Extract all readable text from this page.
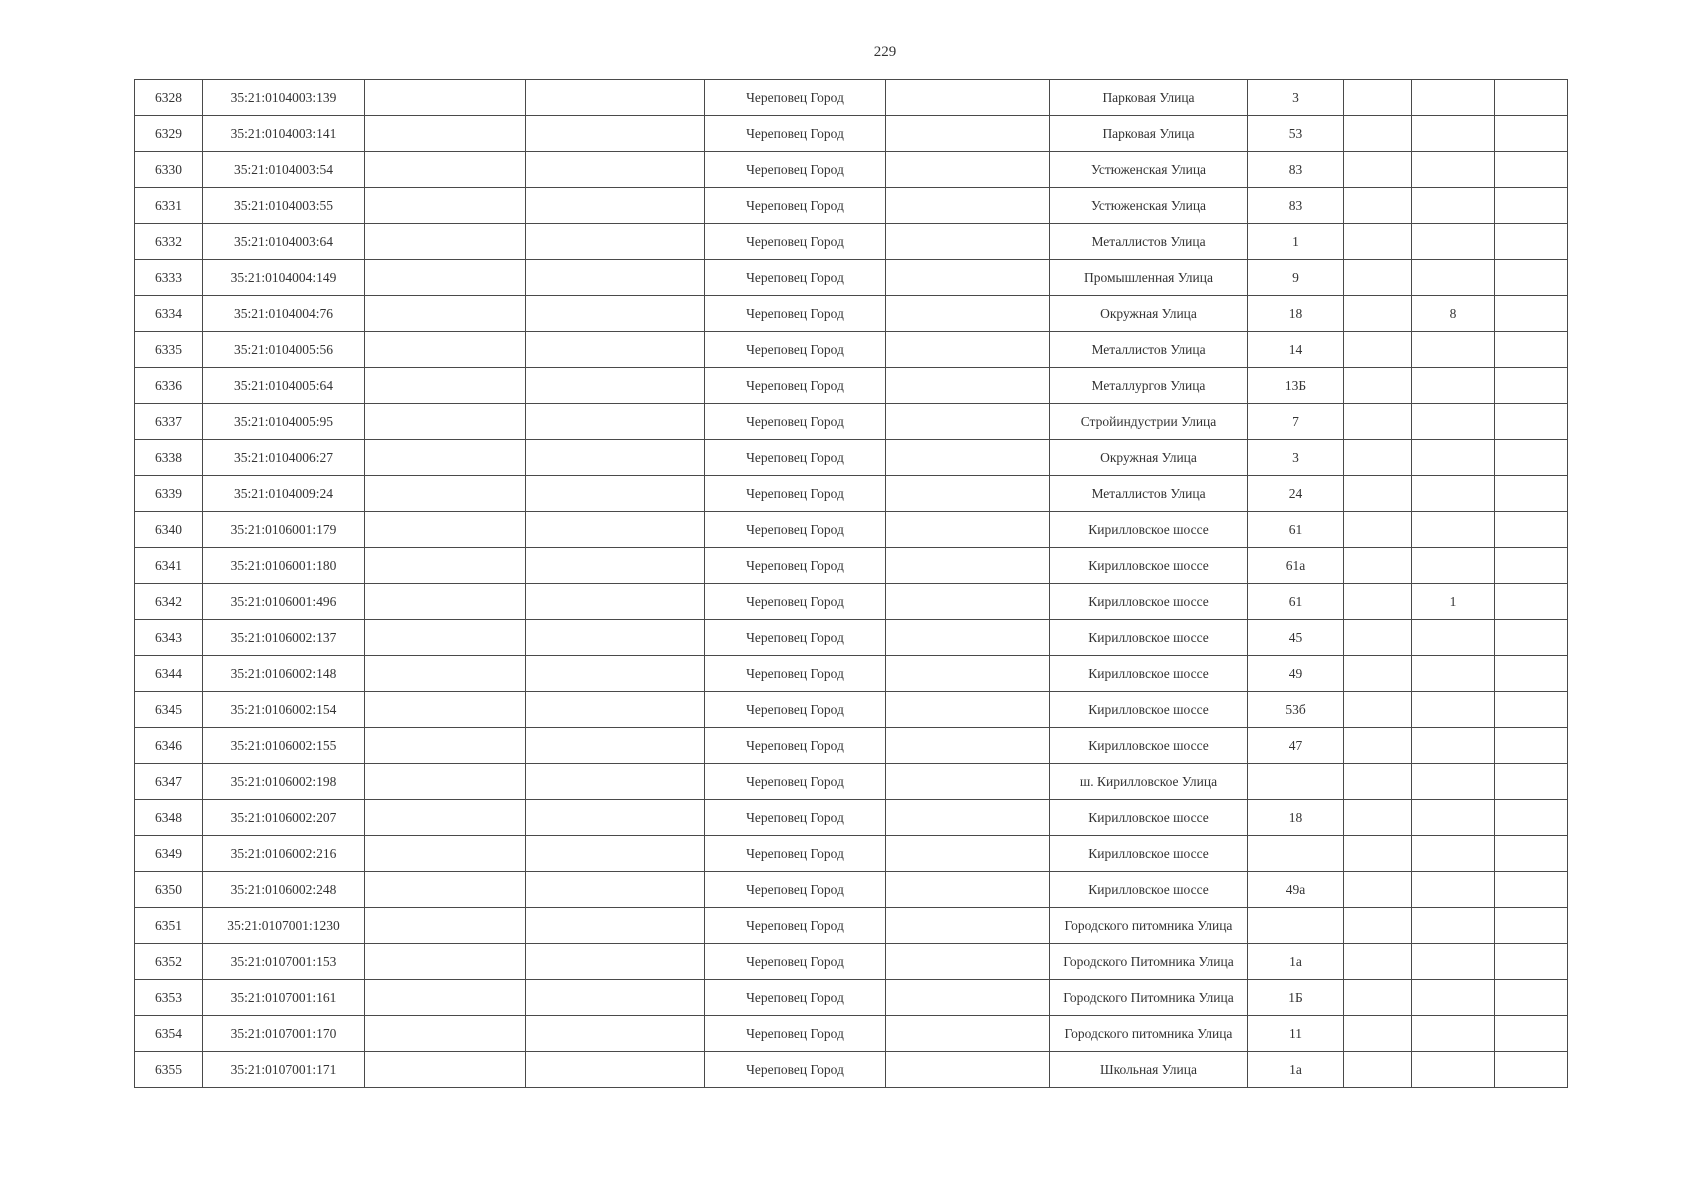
229
6328	35:21:0104003:139			Череповец Город		Парковая Улица	3			
6329	35:21:0104003:141			Череповец Город		Парковая Улица	53			
6330	35:21:0104003:54			Череповец Город		Устюженская Улица	83			
6331	35:21:0104003:55			Череповец Город		Устюженская Улица	83			
6332	35:21:0104003:64			Череповец Город		Металлистов Улица	1			
6333	35:21:0104004:149			Череповец Город		Промышленная Улица	9			
6334	35:21:0104004:76			Череповец Город		Окружная Улица	18		8	
6335	35:21:0104005:56			Череповец Город		Металлистов Улица	14			
6336	35:21:0104005:64			Череповец Город		Металлургов Улица	13Б			
6337	35:21:0104005:95			Череповец Город		Стройиндустрии Улица	7			
6338	35:21:0104006:27			Череповец Город		Окружная Улица	3			
6339	35:21:0104009:24			Череповец Город		Металлистов Улица	24			
6340	35:21:0106001:179			Череповец Город		Кирилловское шоссе	61			
6341	35:21:0106001:180			Череповец Город		Кирилловское шоссе	61а			
6342	35:21:0106001:496			Череповец Город		Кирилловское шоссе	61		1	
6343	35:21:0106002:137			Череповец Город		Кирилловское шоссе	45			
6344	35:21:0106002:148			Череповец Город		Кирилловское шоссе	49			
6345	35:21:0106002:154			Череповец Город		Кирилловское шоссе	53б			
6346	35:21:0106002:155			Череповец Город		Кирилловское шоссе	47			
6347	35:21:0106002:198			Череповец Город		ш. Кирилловское Улица				
6348	35:21:0106002:207			Череповец Город		Кирилловское шоссе	18			
6349	35:21:0106002:216			Череповец Город		Кирилловское шоссе				
6350	35:21:0106002:248			Череповец Город		Кирилловское шоссе	49а			
6351	35:21:0107001:1230			Череповец Город		Городского питомника Улица				
6352	35:21:0107001:153			Череповец Город		Городского Питомника Улица	1а			
6353	35:21:0107001:161			Череповец Город		Городского Питомника Улица	1Б			
6354	35:21:0107001:170			Череповец Город		Городского питомника Улица	11			
6355	35:21:0107001:171			Череповец Город		Школьная Улица	1а			
